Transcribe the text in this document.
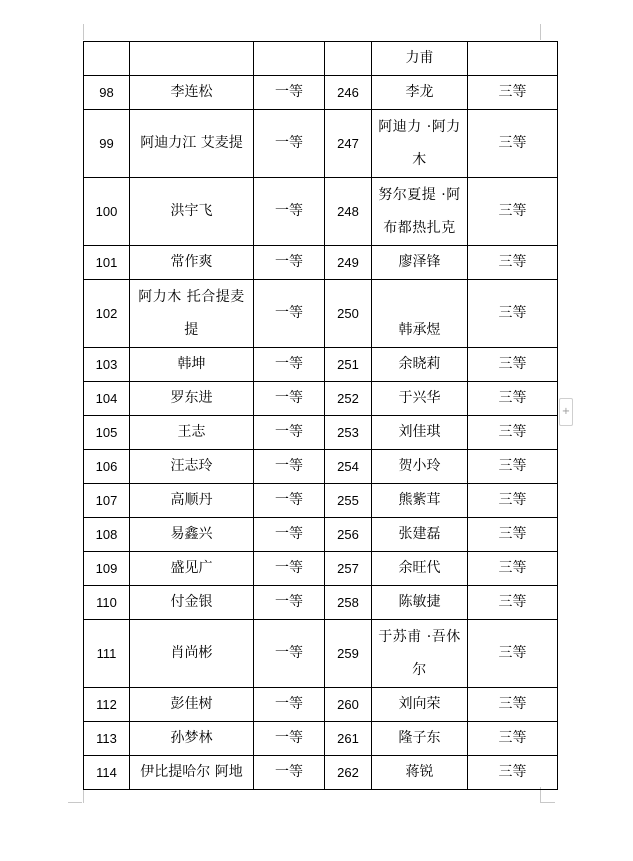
				力甫	
98	李连松	一等	246	李龙	三等
99	阿迪力江 艾麦提	一等	247	阿迪力 ·阿力木	三等
100	洪宇飞	一等	248	努尔夏提 ·阿布都热扎克	三等
101	常作爽	一等	249	廖泽锋	三等
102	阿力木 托合提麦提	一等	250	韩承煜	三等
103	韩坤	一等	251	余晓莉	三等
104	罗东进	一等	252	于兴华	三等
105	王志	一等	253	刘佳琪	三等
106	汪志玲	一等	254	贺小玲	三等
107	高顺丹	一等	255	熊紫茸	三等
108	易鑫兴	一等	256	张建磊	三等
109	盛见广	一等	257	余旺代	三等
110	付金银	一等	258	陈敏捷	三等
111	肖尚彬	一等	259	于苏甫 ·吾休尔	三等
112	彭佳树	一等	260	刘向荣	三等
113	孙梦林	一等	261	隆子东	三等
114	伊比提哈尔 阿地	一等	262	蒋锐	三等
+
